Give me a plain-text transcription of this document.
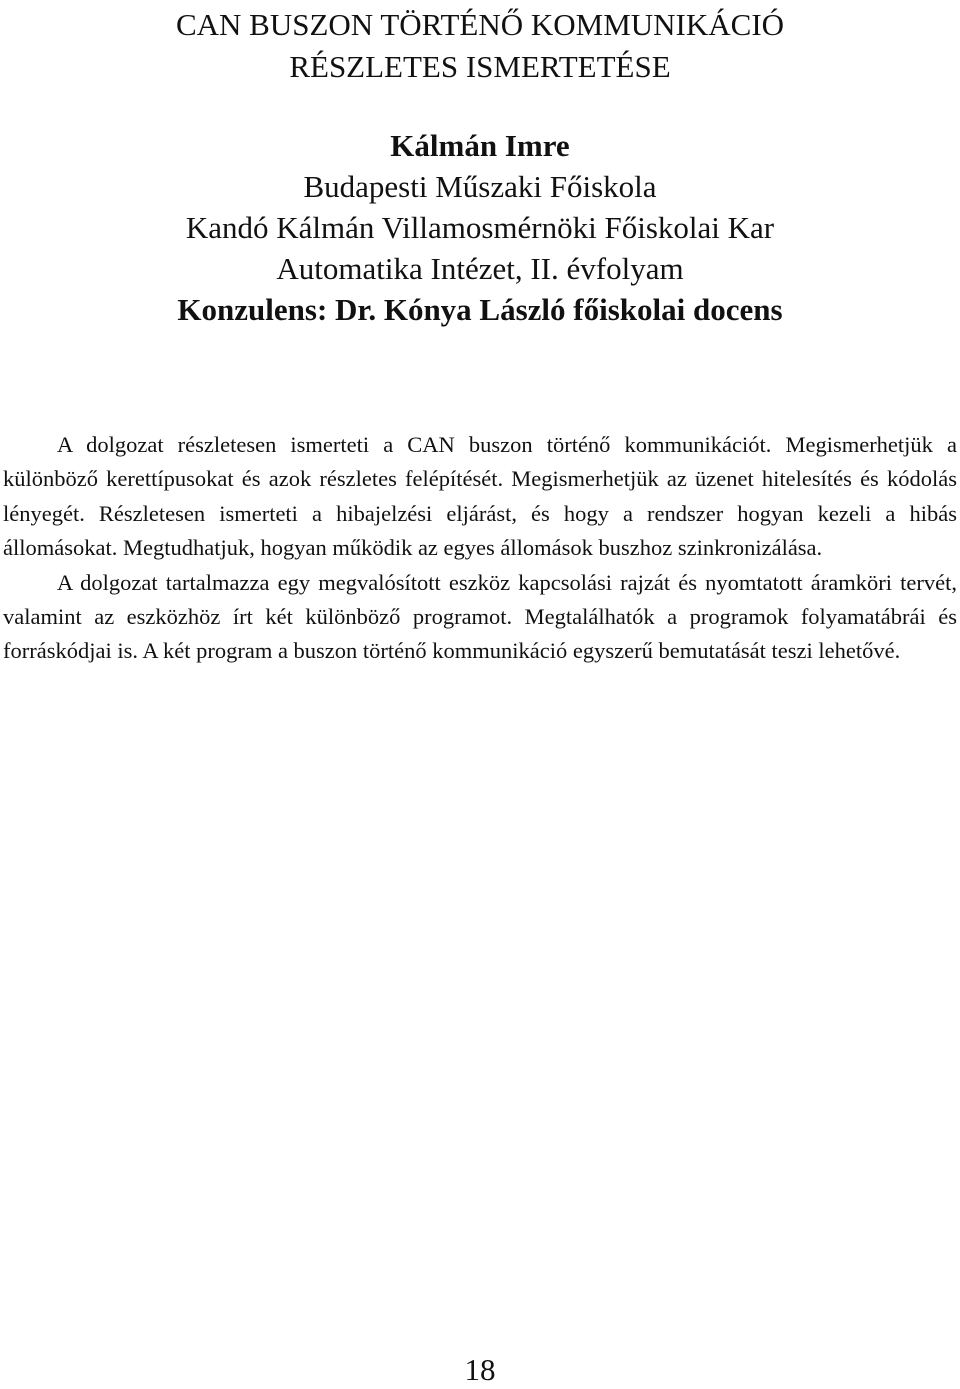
CAN BUSZON TÖRTÉNŐ KOMMUNIKÁCIÓ
RÉSZLETES ISMERTETÉSE
Kálmán Imre
Budapesti Műszaki Főiskola
Kandó Kálmán Villamosmérnöki Főiskolai Kar
Automatika Intézet, II. évfolyam
Konzulens: Dr. Kónya László főiskolai docens

A dolgozat részletesen ismerteti a CAN buszon történő kommunikációt. Megismerhetjük a különböző kerettípusokat és azok részletes felépítését. Megismerhetjük az üzenet hitelesítés és kódolás lényegét. Részletesen ismerteti a hibajelzési eljárást, és hogy a rendszer hogyan kezeli a hibás állomásokat. Megtudhatjuk, hogyan működik az egyes állomások buszhoz szinkronizálása.

A dolgozat tartalmazza egy megvalósított eszköz kapcsolási rajzát és nyomtatott áramköri tervét, valamint az eszközhöz írt két különböző programot. Megtalálhatók a programok folyamatábrái és forráskódjai is. A két program a buszon történő kommunikáció egyszerű bemutatását teszi lehetővé.

18
